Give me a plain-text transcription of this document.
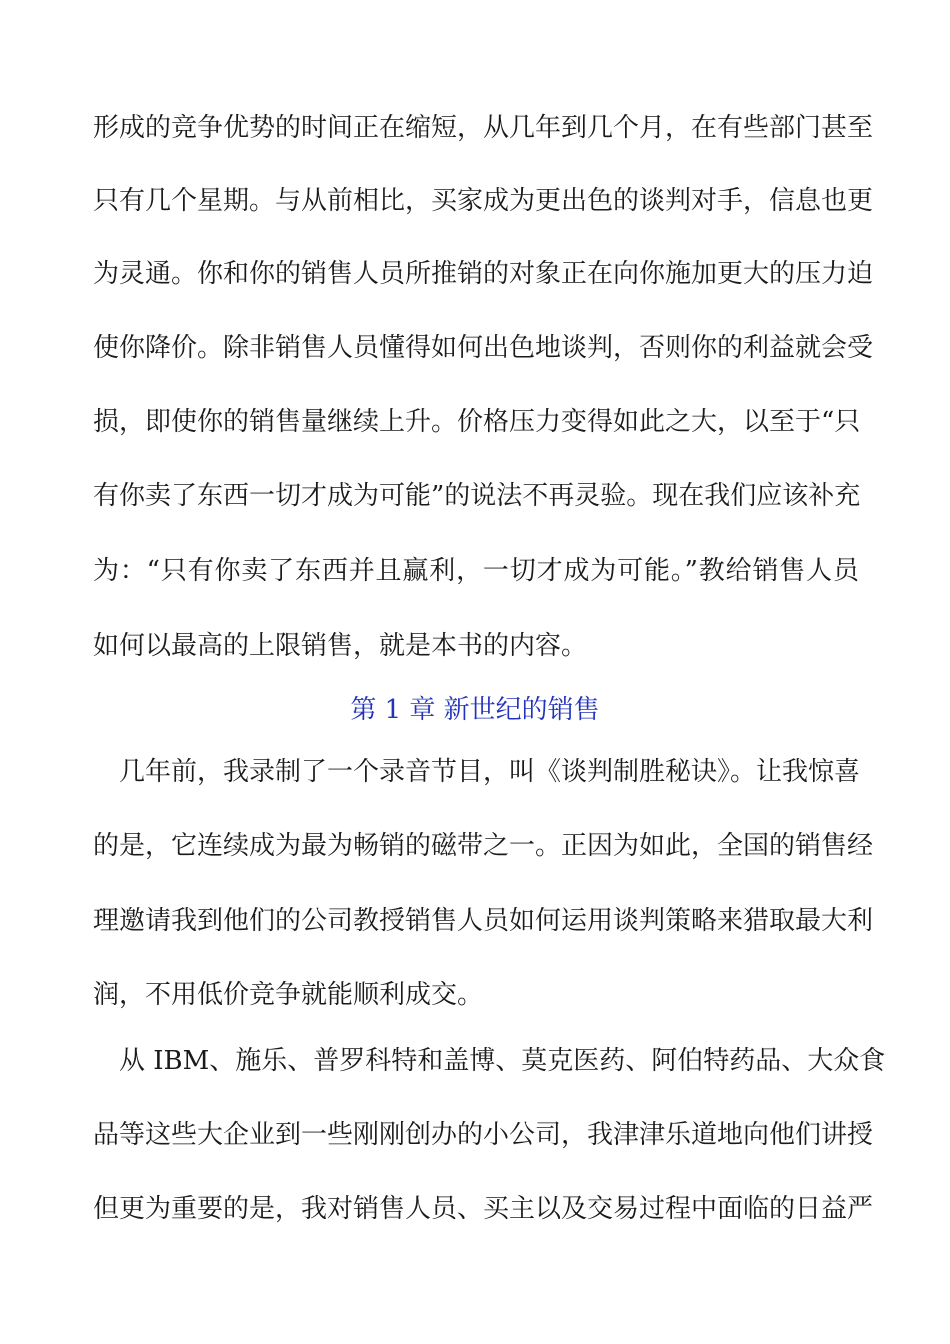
形成的竞争优势的时间正在缩短，从几年到几个月，在有些部门甚至
只有几个星期。与从前相比，买家成为更出色的谈判对手，信息也更
为灵通。你和你的销售人员所推销的对象正在向你施加更大的压力迫
使你降价。除非销售人员懂得如何出色地谈判，否则你的利益就会受
损，即使你的销售量继续上升。价格压力变得如此之大，以至于“只
有你卖了东西一切才成为可能”的说法不再灵验。现在我们应该补充
为：“只有你卖了东西并且赢利，一切才成为可能。”教给销售人员
如何以最高的上限销售，就是本书的内容。
第 1 章 新世纪的销售
几年前，我录制了一个录音节目，叫《谈判制胜秘诀》。让我惊喜
的是，它连续成为最为畅销的磁带之一。正因为如此，全国的销售经
理邀请我到他们的公司教授销售人员如何运用谈判策略来猎取最大利
润，不用低价竞争就能顺利成交。
从 IBM、施乐、普罗科特和盖博、莫克医药、阿伯特药品、大众食
品等这些大企业到一些刚刚创办的小公司，我津津乐道地向他们讲授
但更为重要的是，我对销售人员、买主以及交易过程中面临的日益严
